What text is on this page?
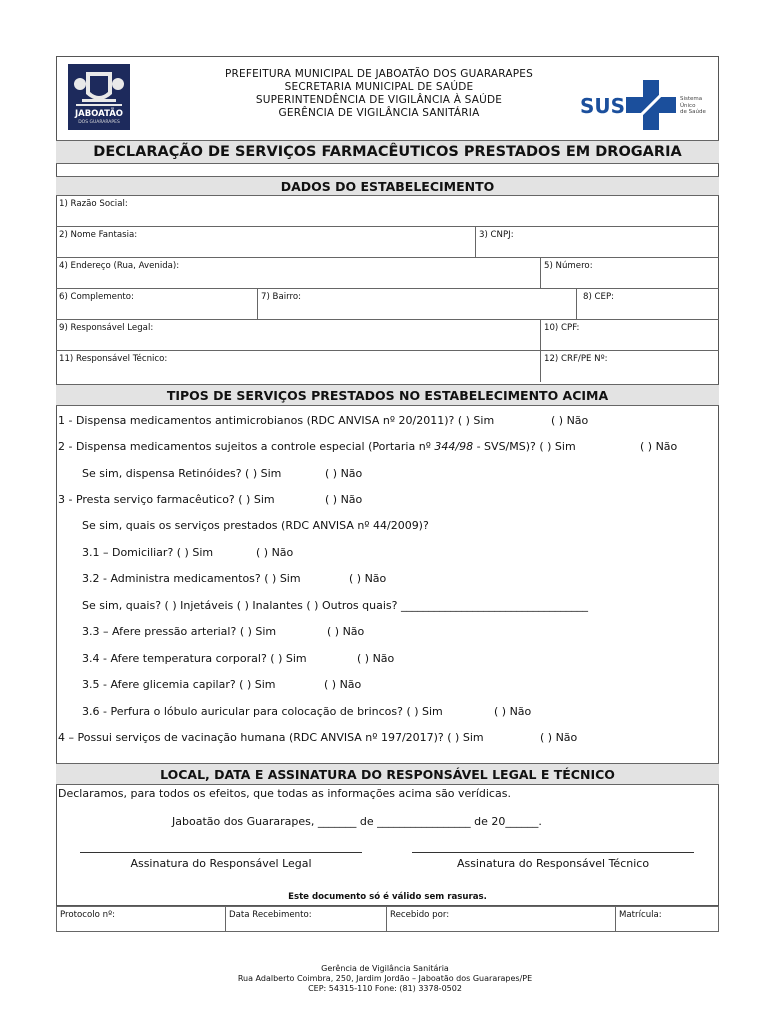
JABOATÃO
DOS GUARARAPES
PREFEITURA MUNICIPAL DE JABOATÃO DOS GUARARAPES
SECRETARIA MUNICIPAL DE SAÚDE
SUPERINTENDÊNCIA DE VIGILÂNCIA À SAÚDE
GERÊNCIA DE VIGILÂNCIA SANITÁRIA	SUS	Sistema
Único
de Saúde
DECLARAÇÃO DE SERVIÇOS FARMACÊUTICOS PRESTADOS EM DROGARIA
DADOS DO ESTABELECIMENTO
1) Razão Social:
2) Nome Fantasia:	3) CNPJ:
4) Endereço (Rua, Avenida):	5) Número:
6) Complemento:	7) Bairro:	8) CEP:
9) Responsável Legal:	10) CPF:
11) Responsável Técnico:	12) CRF/PE Nº:
TIPOS DE SERVIÇOS PRESTADOS NO ESTABELECIMENTO ACIMA
1 - Dispensa medicamentos antimicrobianos (RDC ANVISA nº 20/2011)? ( ) Sim	( ) Não
2 - Dispensa medicamentos sujeitos a controle especial (Portaria nº 344/98 - SVS/MS)? ( ) Sim	( ) Não
Se sim, dispensa Retinóides? ( ) Sim	( ) Não
3 - Presta serviço farmacêutico? ( ) Sim	( ) Não
Se sim, quais os serviços prestados (RDC ANVISA nº 44/2009)?
3.1 – Domiciliar? ( ) Sim	( ) Não
3.2 - Administra medicamentos? ( ) Sim	( ) Não
Se sim, quais? ( ) Injetáveis ( ) Inalantes ( ) Outros quais? __________________________________
3.3 – Afere pressão arterial? ( ) Sim	( ) Não
3.4 - Afere temperatura corporal? ( ) Sim	( ) Não
3.5 - Afere glicemia capilar? ( ) Sim	( ) Não
3.6 - Perfura o lóbulo auricular para colocação de brincos? ( ) Sim	( ) Não
4 – Possui serviços de vacinação humana (RDC ANVISA nº 197/2017)? ( ) Sim	( ) Não
LOCAL, DATA E ASSINATURA DO RESPONSÁVEL LEGAL E TÉCNICO
Declaramos, para todos os efeitos, que todas as informações acima são verídicas.
Jaboatão dos Guararapes, _______ de _________________ de 20______.
Assinatura do Responsável Legal	Assinatura do Responsável Técnico
Este documento só é válido sem rasuras.
Protocolo nº:	Data Recebimento:	Recebido por:	Matrícula:
Gerência de Vigilância Sanitária
Rua Adalberto Coimbra, 250, Jardim Jordão – Jaboatão dos Guararapes/PE
CEP: 54315-110 Fone: (81) 3378-0502
